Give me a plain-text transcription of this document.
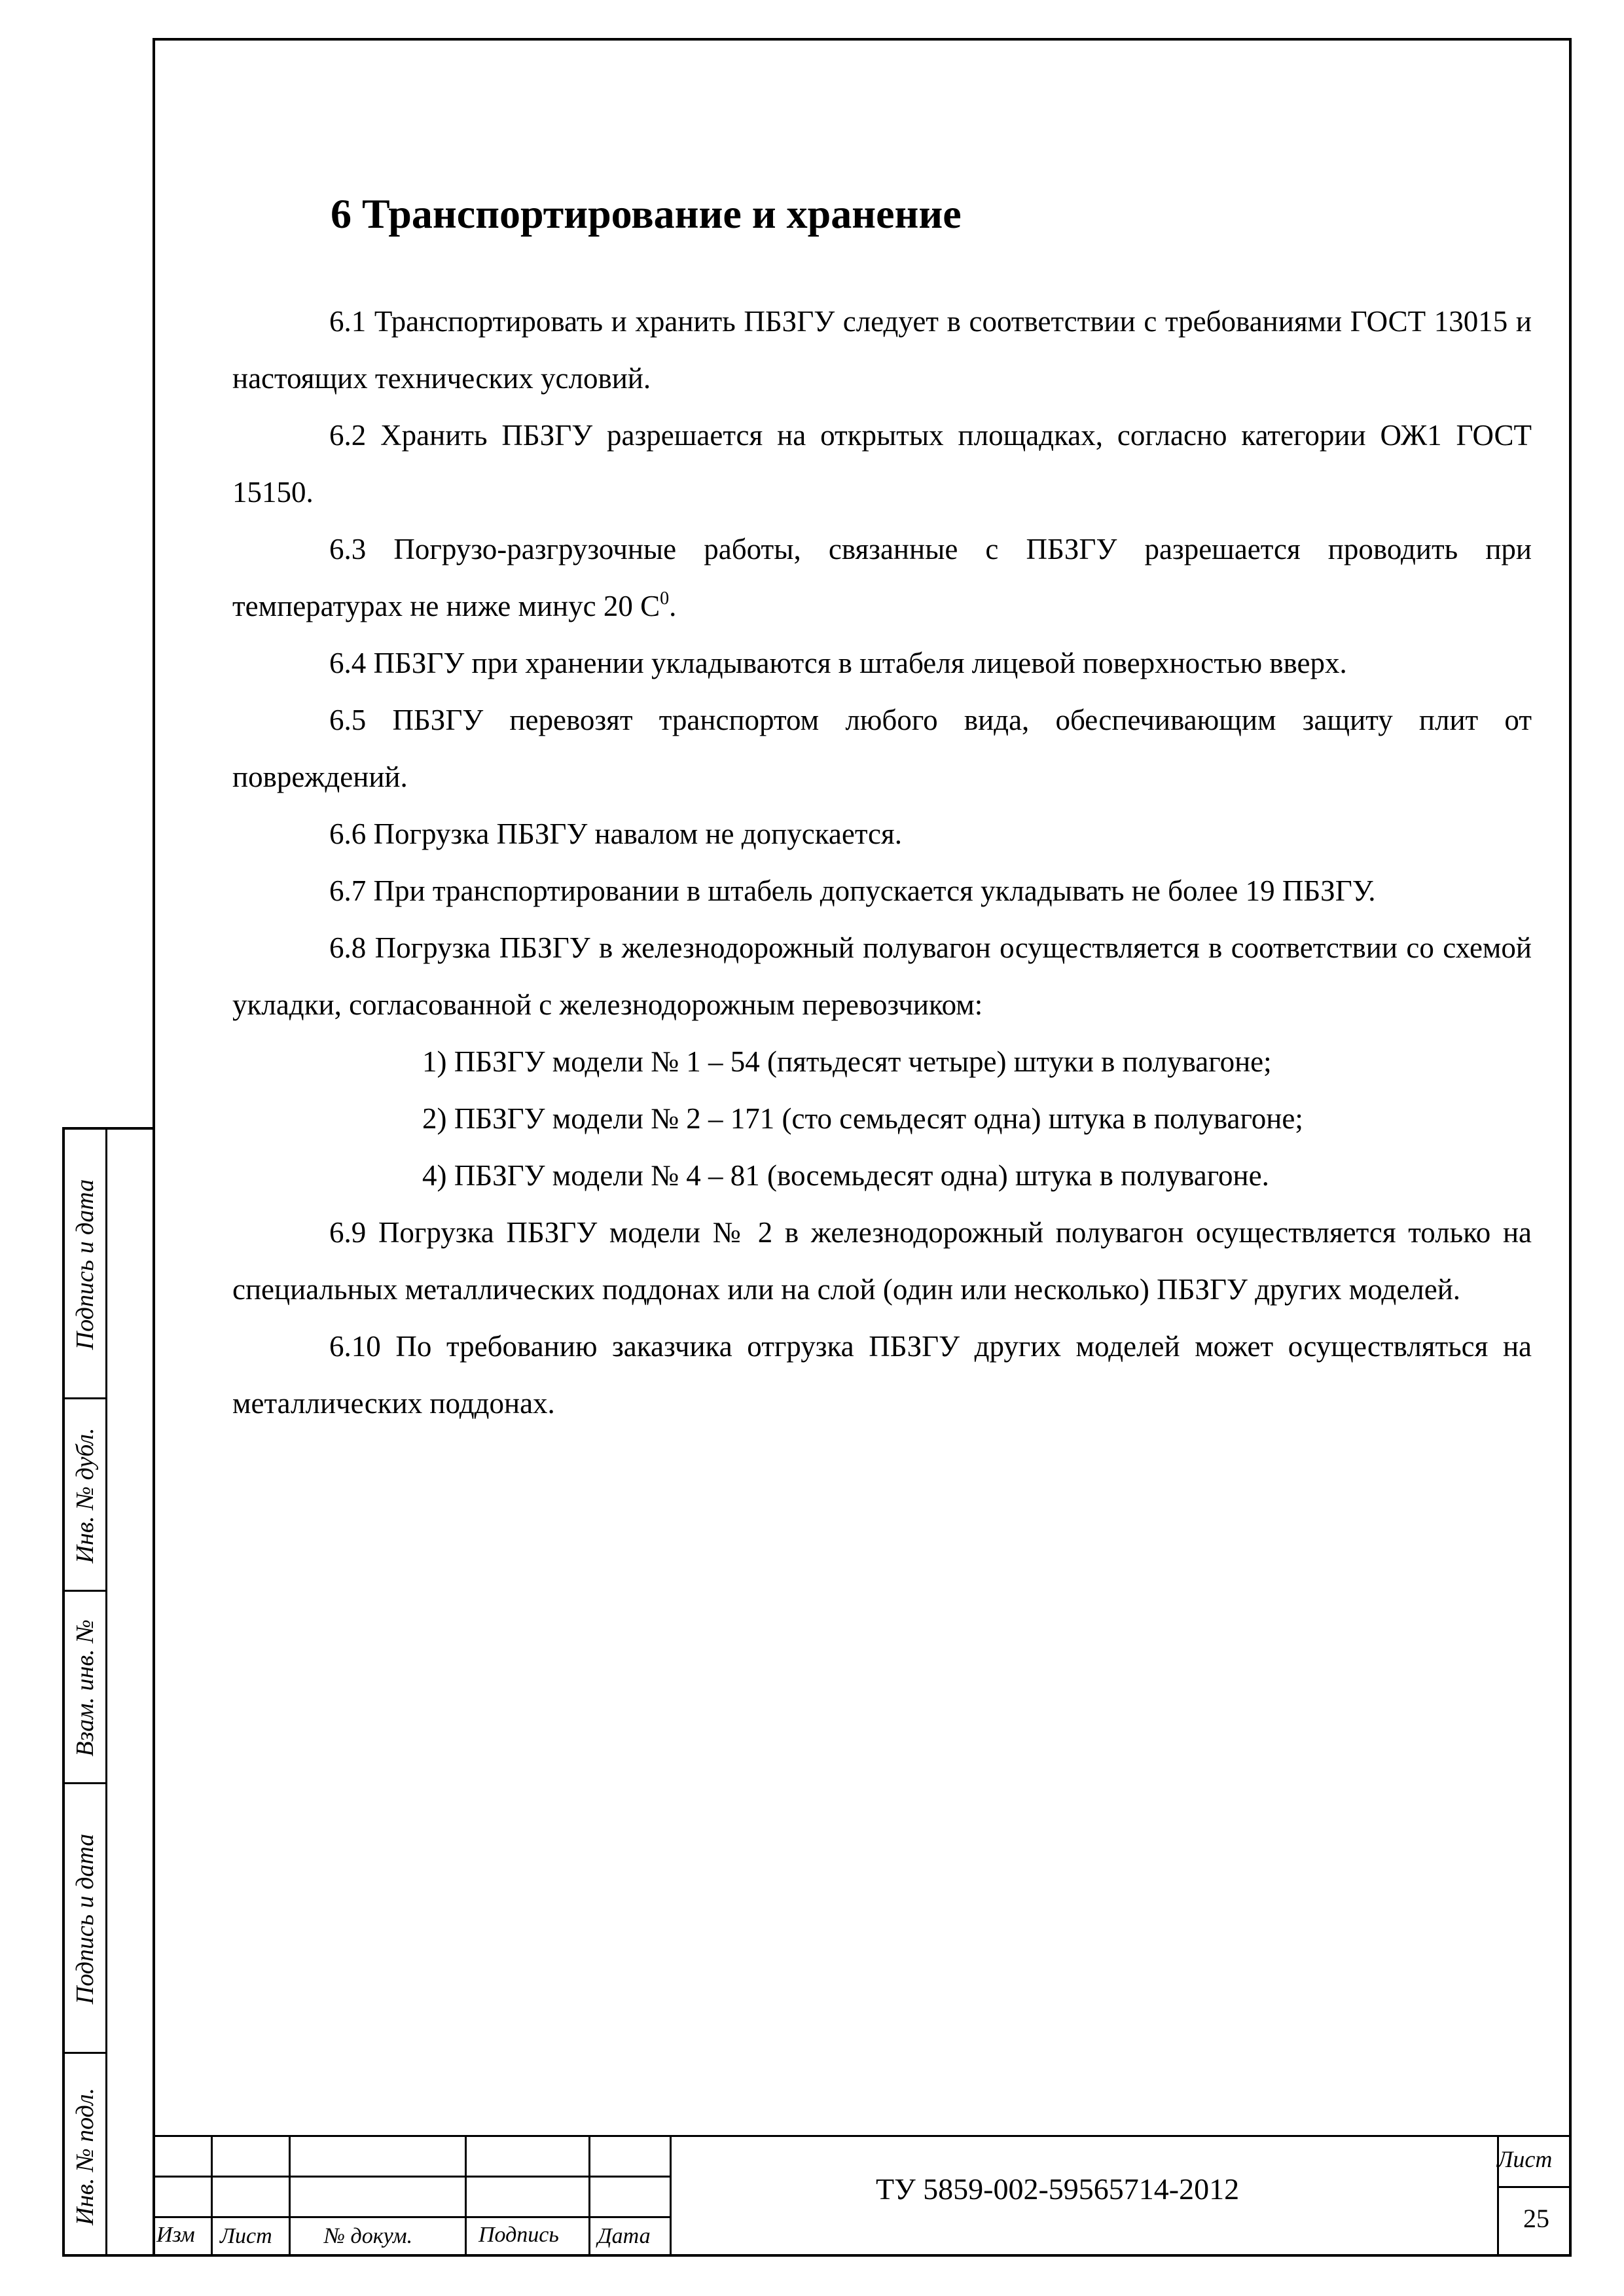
6 Транспортирование и хранение

6.1 Транспортировать и хранить ПБЗГУ следует в соответствии с требованиями ГОСТ 13015 и настоящих технических условий.

6.2 Хранить ПБЗГУ разрешается на открытых площадках, согласно категории ОЖ1 ГОСТ 15150.

6.3 Погрузо-разгрузочные работы, связанные с ПБЗГУ разрешается проводить при температурах не ниже минус 20 $С^0$.

6.4 ПБЗГУ при хранении укладываются в штабеля лицевой поверхностью вверх.

6.5 ПБЗГУ перевозят транспортом любого вида, обеспечивающим защиту плит от повреждений.

6.6 Погрузка ПБЗГУ навалом не допускается.

6.7 При транспортировании в штабель допускается укладывать не более 19 ПБЗГУ.

6.8 Погрузка ПБЗГУ в железнодорожный полувагон осуществляется в соответствии со схемой укладки, согласованной с железнодорожным перевозчиком:

1) ПБЗГУ модели № 1 – 54 (пятьдесят четыре) штуки в полувагоне;

2) ПБЗГУ модели № 2 – 171 (сто семьдесят одна) штука в полувагоне;

4) ПБЗГУ модели № 4 – 81 (восемьдесят одна) штука в полувагоне.

6.9 Погрузка ПБЗГУ модели № 2 в железнодорожный полувагон осуществляется только на специальных металлических поддонах или на слой (один или несколько) ПБЗГУ других моделей.

6.10 По требованию заказчика отгрузка ПБЗГУ других моделей может осуществляться на металлических поддонах.

Подпись и дата
Инв. № дубл.
Взам. инв. №
Подпись и дата
Инв. № подл.
Изм Лист № докум.	Подпись Дата
ТУ 5859-002-59565714-2012
Лист
25
